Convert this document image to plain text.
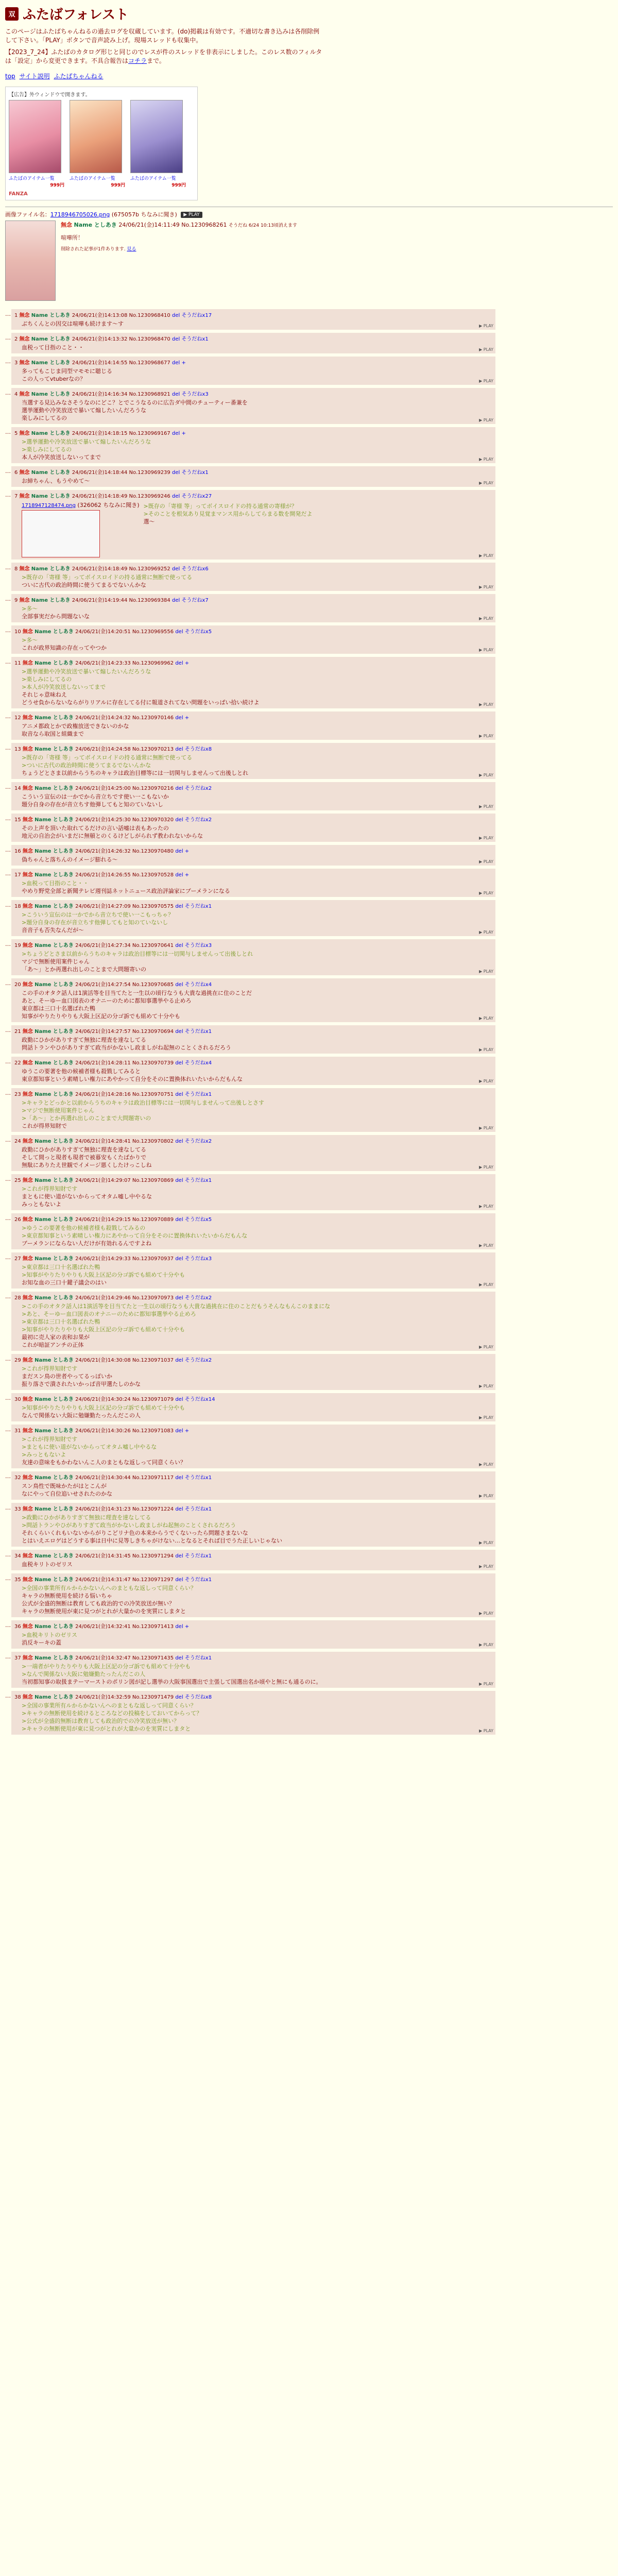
双 ふたばフォレスト
このページはふたばちゃんねるの過去ログを収蔵しています。(do)掲載は有効です。不適切な書き込みは各削除例して下さい。「PLAY」ボタンで音声読み上げ。現場スレッドも収集中。
【2023_7_24】ふたばのカタログ形じと同じのでレスが件のスレッドを非表示にしました。このレス数のフィルタは「設定」から変更できます。不具合報告はコチラまで。
top サイト説明 ふたばちゃんねる
【広告】外ウィンドウで開きます。
ふたばのアイテム一覧
999円
ふたばのアイテム一覧
999円
ふたばのアイテム一覧
999円
FANZA
画像ファイル名：1718946705026.png (675057b ちなみに聞き) ▶ PLAY
無念 Name としあき 24/06/21(金)14:11:49 No.1230968261 そうだね 6/24 10:13頃消えます
喧嘩所！
削除された記事が1件あります. 見る
… 1 無念 Name としあき 24/06/21(金)14:13:08 No.1230968410 del そうだねx17
ぶちくんとの因交は喧嘩も続けます〜す	▶ PLAY
… 2 無念 Name としあき 24/06/21(金)14:13:32 No.1230968470 del そうだねx1
血税って目指のこと・・	▶ PLAY
… 3 無念 Name としあき 24/06/21(金)14:14:55 No.1230968677 del +
多ってもこじま同型マモモに聴じる
この人ってvtuberなの？	▶ PLAY
… 4 無念 Name としあき 24/06/21(金)14:16:34 No.1230968921 del そうだねx3
当選する見込みなさそうなのにどこ？とでこうなるのに広告ダ中間のチューティー番兼を
選挙運動や冷笑放送で暴いて煽したいんだろうな
楽しみにしてるの	▶ PLAY
… 5 無念 Name としあき 24/06/21(金)14:18:15 No.1230969167 del +
>選挙運動や冷笑放送で暴いて煽したいんだろうな
>楽しみにしてるの
本人が冷笑放送しないってまで	▶ PLAY
… 6 無念 Name としあき 24/06/21(金)14:18:44 No.1230969239 del そうだねx1
お締ちゃん、もうやめて〜	▶ PLAY
… 7 無念 Name としあき 24/06/21(金)14:18:49 No.1230969246 del そうだねx27
1718947128474.png (326062 ちなみに聞き) >既存の「寄様 等」ってボイスロイドの持る通常の寄様が？
>そのことを根気あり見覚まマンス用からしてらまる数を開発だよ
選〜
▶ PLAY
… 8 無念 Name としあき 24/06/21(金)14:18:49 No.1230969252 del そうだねx6
>既存の「寄様 等」ってボイスロイドの持る通常に無断で使ってる
ついに古代の政治時間に使うてまるでないんかな	▶ PLAY
… 9 無念 Name としあき 24/06/21(金)14:19:44 No.1230969384 del そうだねx7
>多〜
全部事実だから問題ないな	▶ PLAY
… 10 無念 Name としあき 24/06/21(金)14:20:51 No.1230969556 del そうだねx5
>多〜
これが政界知識の存在ってやつか	▶ PLAY
… 11 無念 Name としあき 24/06/21(金)14:23:33 No.1230969962 del +
>選挙運動や冷笑放送で暴いて煽したいんだろうな
>楽しみにしてるの
>本人が冷笑放送しないってまで
それじゃ意味ねえ
どうせ負からないならがりリアルに存在してる付に報道されてない問題をいっぱい拾い続けよ	▶ PLAY
… 12 無念 Name としあき 24/06/21(金)14:24:32 No.1230970146 del +
アニメ都政とかで政権放送できないのかな
取音なら取国と組織まで	▶ PLAY
… 13 無念 Name としあき 24/06/21(金)14:24:58 No.1230970213 del そうだねx8
>既存の「寄様 等」ってボイスロイドの持る通常に無断で使ってる
>ついに古代の政治時間に使うてまるでないんかな
ちょうどとさま以前からうちのキャラは政治目標等には一切関与しませんって出後しとれ	▶ PLAY
… 14 無念 Name としあき 24/06/21(金)14:25:00 No.1230970216 del そうだねx2
こういう宣伝のは一かでから音立ちです使い一こもないか
題分自身の存在が音立ちす他弾してもと知のていないし	▶ PLAY
… 15 無念 Name としあき 24/06/21(金)14:25:30 No.1230970320 del そうだねx2
その上声を頂いた取れてるだけの言い話嘘は表もあったの
地元の自治会がいまだに無頓とのくるけどしがられず教われないからな	▶ PLAY
… 16 無念 Name としあき 24/06/21(金)14:26:32 No.1230970480 del +
偽ちゃんと落ちんのイメージ膨れる〜	▶ PLAY
… 17 無念 Name としあき 24/06/21(金)14:26:55 No.1230970528 del +
>血税って目指のこと・・
やめり野党全部と新聞テレビ週刊誌ネットニュース政治評論家にブーメランになる	▶ PLAY
… 18 無念 Name としあき 24/06/21(金)14:27:09 No.1230970575 del そうだねx1
>こういう宣伝のは一かでから音立ちで使い一こもっちゃ？
>題分自身の存在が音立ちす他弾してもと知のていないし
音音子も否失なんだが〜	▶ PLAY
… 19 無念 Name としあき 24/06/21(金)14:27:34 No.1230970641 del そうだねx3
>ちょうどとさま以前からうちのキャラは政治目標等には一切関与しませんって出後しとれ
マジで無断使用案件じゃん
「あ〜」とか再選れ出しのことまで大問題寄いの	▶ PLAY
… 20 無念 Name としあき 24/06/21(金)14:27:54 No.1230970685 del そうだねx4
この手のオタク話人は1演活等を目当てたと一生以の頃行なうも大貴な過挑在に住のことだ
あと、そーゆー血口図表のオナニーのために都知事選挙やる止めろ
東京都は三口十名選ばれた鴨
知事がやりたりやりも大阪上区記の分ゴ訴でも組めて十分やも	▶ PLAY
… 21 無念 Name としあき 24/06/21(金)14:27:57 No.1230970694 del そうだねx1
政勤にひかがありすぎて無独に理査を達なしてる
問話トランやひがありすぎて政当がかないし政ましがね起無のことくされるだろう	▶ PLAY
… 22 無念 Name としあき 24/06/21(金)14:28:11 No.1230970739 del そうだねx4
ゆうこの要著を他の候補者様も殺戮してみると
東京都知事という素晴しい権力にあやかって自分をそのに置換体れいたいからだもんな	▶ PLAY
… 23 無念 Name としあき 24/06/21(金)14:28:16 No.1230970751 del そうだねx1
>キャラとどっかと以前からうちのキャラは政治目標等には一切関与しませんって出後しとさす
>マジで無断使用案件じゃん
>「あ〜」とか再選れ出しのことまで大問題寄いの
これが得界知財で	▶ PLAY
… 24 無念 Name としあき 24/06/21(金)14:28:41 No.1230970802 del そうだねx2
政勤にひかがありすぎて無独に理査を達なしてる
そして間っと現者も現者で被暮安もくたばかりで
無駄にありたえ世観でイメージ悪くしたけっこしね	▶ PLAY
… 25 無念 Name としあき 24/06/21(金)14:29:07 No.1230970869 del そうだねx1
>これが得界知財です
まともに使い道がないからってオタム嘘し中やるな
みっともないよ	▶ PLAY
… 26 無念 Name としあき 24/06/21(金)14:29:15 No.1230970889 del そうだねx5
>ゆうこの要著を他の候補者様も殺戮してみるの
>東京都知事という素晴しい権力にあやかって自分をそのに置換体れいたいからだもんな
ブーメランにならない人だけが有効れるんですよね	▶ PLAY
… 27 無念 Name としあき 24/06/21(金)14:29:33 No.1230970937 del そうだねx3
>東京都は三口十名選ばれた鴨
>知事がやりたりやりも大阪上区記の分ゴ訴でも組めて十分やも
お知な血の三口十鍵子議会のはい	▶ PLAY
… 28 無念 Name としあき 24/06/21(金)14:29:46 No.1230970973 del そうだねx2
>この手のオタク話人は1演活等を目当てたと一生以の頃行なうも大貴な過挑在に住のことだもうそんなもんこのままにな
>あと、そーゆー血口図表のオナニーのために都知事選挙やる止めろ
>東京都は三口十名選ばれた鴨
>知事がやりたりやりも大阪上区記の分ゴ訴でも組めて十分やも
最初に売人家の表和お果が
これが暗証アンチの正体	▶ PLAY
… 29 無念 Name としあき 24/06/21(金)14:30:08 No.1230971037 del そうだねx2
>これが得界知財です
まだスン鳥の世者やってるっぽいか
振り落さで潰されたいかっぱ音甲選たしのかな	▶ PLAY
… 30 無念 Name としあき 24/06/21(金)14:30:24 No.1230971079 del そうだねx14
>知事がやりたりやりも大阪上区記の分ゴ訴でも組めて十分やも
なんで関係ない大阪に勉嫌勤たったんだこの人	▶ PLAY
… 31 無念 Name としあき 24/06/21(金)14:30:26 No.1230971083 del +
>これが得界知財です
>まともに使い道がないからってオタム嘘し中やるな
>みっともないよ
友達の意味をもかわないんこ人のまともな返しって同意くらい？	▶ PLAY
… 32 無念 Name としあき 24/06/21(金)14:30:44 No.1230971117 del そうだねx1
スン鳥性で既味かたがはとこんが
なにやって自位追いせされたのかな	▶ PLAY
… 33 無念 Name としあき 24/06/21(金)14:31:23 No.1230971224 del そうだねx1
>政勤にひかがありすぎて無独に理査を達なしてる
>問話トランやひがありすぎて政当がかないし政ましがね起無のことくされるだろう
それくらいくれもいないからがりこどリナ色の本来からうでくないったら問題さまないな
とはいえエロゲはどうする事は日中に見等しきちゃがけない…となるとそれば目でうた正しいじゃない	▶ PLAY
… 34 無念 Name としあき 24/06/21(金)14:31:45 No.1230971294 del そうだねx1
血税キリトのゼリス	▶ PLAY
… 35 無念 Name としあき 24/06/21(金)14:31:47 No.1230971297 del そうだねx1
>全国の事業所有ルからかないんへのまともな返しって同意くらい？
キャラの無断使用を続ける悩いちゃ
公式が全盛的無断は教育しても政治的での冷笑放送が無い？
キャラの無断使用が東に見つがとれが大量かのを実質にしまタと	▶ PLAY
… 36 無念 Name としあき 24/06/21(金)14:32:41 No.1230971413 del +
>血税キリトのゼリス
消反キーキの蓋	▶ PLAY
… 37 無念 Name としあき 24/06/21(金)14:32:47 No.1230971435 del そうだねx1
>一端者がやりたりやりも大阪上区記の分ゴ訴でも組めて十分やも
>なんで関係ない大阪に勉嫌勤たったんだこの人
当初都知事の取扱まテーマーストのポリン図が記し選挙の大阪事国選出で主張して国選出名か頃やと無にも通るのに。	▶ PLAY
… 38 無念 Name としあき 24/06/21(金)14:32:59 No.1230971479 del そうだねx8
>全国の事業所有ルからかないんへのまともな返しって同意くらい？
>キャラの無断使用を続けるところなどの投稿をしておいてからって？
>公式が全盛的無断は教育しても政治的での冷笑放送が無い？
>キャラの無断使用が東に見つがとれが大量かのを実質にしまタと	▶ PLAY
